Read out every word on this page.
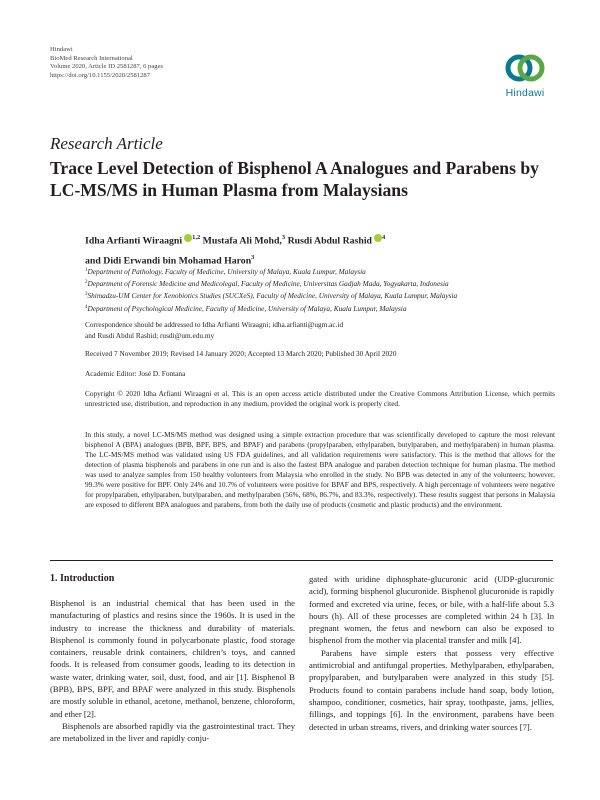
Hindawi
BioMed Research International
Volume 2020, Article ID 2581287, 6 pages
https://doi.org/10.1155/2020/2581287
Hindawi
Research Article
Trace Level Detection of Bisphenol A Analogues and Parabens by LC-MS/MS in Human Plasma from Malaysians
Idha Arfianti Wiraagni $^{1,2}$ Mustafa Ali Mohd,$^3$ Rusdi Abdul Rashid $^4$
and Didi Erwandi bin Mohamad Haron$^3$
$^1$Department of Pathology, Faculty of Medicine, University of Malaya, Kuala Lumpur, Malaysia
$^2$Department of Forensic Medicine and Medicolegal, Faculty of Medicine, Universitas Gadjah Mada, Yogyakarta, Indonesia
$^3$Shimadzu-UM Center for Xenobiotics Studies (SUCXeS), Faculty of Medicine, University of Malaya, Kuala Lumpur, Malaysia
$^4$Department of Psychological Medicine, Faculty of Medicine, University of Malaya, Kuala Lumpur, Malaysia
Correspondence should be addressed to Idha Arfianti Wiraagni; idha.arfianti@ugm.ac.id
and Rusdi Abdul Rashid; rusdi@um.edu.my
Received 7 November 2019; Revised 14 January 2020; Accepted 13 March 2020; Published 30 April 2020
Academic Editor: José D. Fontana
Copyright © 2020 Idha Arfianti Wiraagni et al. This is an open access article distributed under the Creative Commons Attribution License, which permits unrestricted use, distribution, and reproduction in any medium, provided the original work is properly cited.
In this study, a novel LC-MS/MS method was designed using a simple extraction procedure that was scientifically developed to capture the most relevant bisphenol A (BPA) analogues (BPB, BPF, BPS, and BPAF) and parabens (propylparaben, ethylparaben, butylparaben, and methylparaben) in human plasma. The LC-MS/MS method was validated using US FDA guidelines, and all validation requirements were satisfactory. This is the method that allows for the detection of plasma bisphenols and parabens in one run and is also the fastest BPA analogue and paraben detection technique for human plasma. The method was used to analyze samples from 150 healthy volunteers from Malaysia who enrolled in the study. No BPB was detected in any of the volunteers; however, 99.3% were positive for BPF. Only 24% and 10.7% of volunteers were positive for BPAF and BPS, respectively. A high percentage of volunteers were negative for propylparaben, ethylparaben, butylparaben, and methylparaben (56%, 68%, 86.7%, and 83.3%, respectively). These results suggest that persons in Malaysia are exposed to different BPA analogues and parabens, from both the daily use of products (cosmetic and plastic products) and the environment.
1. Introduction

Bisphenol is an industrial chemical that has been used in the manufacturing of plastics and resins since the 1960s. It is used in the industry to increase the thickness and durability of materials. Bisphenol is commonly found in polycarbonate plastic, food storage containers, reusable drink containers, children’s toys, and canned foods. It is released from consumer goods, leading to its detection in waste water, drinking water, soil, dust, food, and air [1]. Bisphenol B (BPB), BPS, BPF, and BPAF were analyzed in this study. Bisphenols are mostly soluble in ethanol, acetone, methanol, benzene, chloroform, and ether [2].

Bisphenols are absorbed rapidly via the gastrointestinal tract. They are metabolized in the liver and rapidly conju-

gated with uridine diphosphate-glucuronic acid (UDP-glucuronic acid), forming bisphenol glucuronide. Bisphenol glucuronide is rapidly formed and excreted via urine, feces, or bile, with a half-life about 5.3 hours (h). All of these processes are completed within 24 h [3]. In pregnant women, the fetus and newborn can also be exposed to bisphenol from the mother via placental transfer and milk [4].

Parabens have simple esters that possess very effective antimicrobial and antifungal properties. Methylparaben, ethylparaben, propylparaben, and butylparaben were analyzed in this study [5]. Products found to contain parabens include hand soap, body lotion, shampoo, conditioner, cosmetics, hair spray, toothpaste, jams, jellies, fillings, and toppings [6]. In the environment, parabens have been detected in urban streams, rivers, and drinking water sources [7].
